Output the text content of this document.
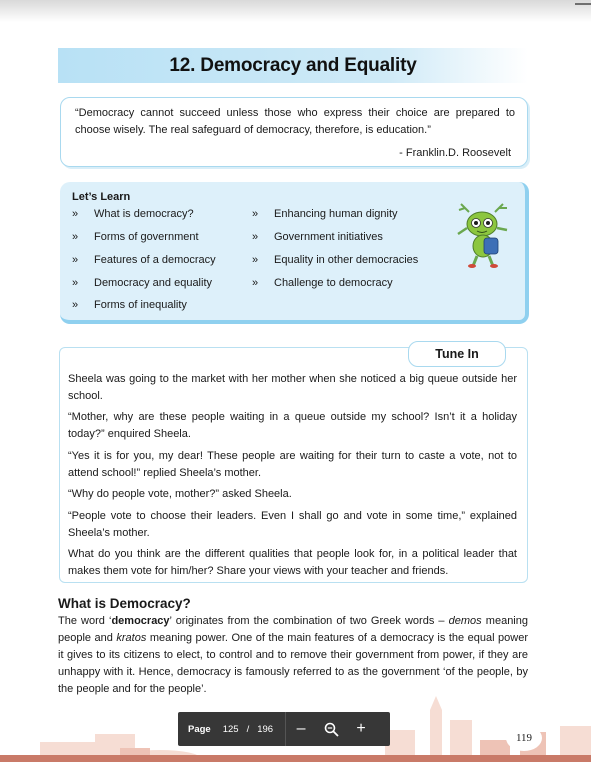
12. Democracy and Equality
“Democracy cannot succeed unless those who express their choice are prepared to choose wisely. The real safeguard of democracy, therefore, is education.”
- Franklin.D. Roosevelt
Let’s Learn
» What is democracy?
» Forms of government
» Features of a democracy
» Democracy and equality
» Forms of inequality
» Enhancing human dignity
» Government initiatives
» Equality in other democracies
» Challenge to democracy
Tune In
Sheela was going to the market with her mother when she noticed a big queue outside her school.
“Mother, why are these people waiting in a queue outside my school? Isn’t it a holiday today?” enquired Sheela.
“Yes it is for you, my dear! These people are waiting for their turn to caste a vote, not to attend school!” replied Sheela’s mother.
“Why do people vote, mother?” asked Sheela.
“People vote to choose their leaders. Even I shall go and vote in some time,” explained Sheela’s mother.
What do you think are the different qualities that people look for, in a political leader that makes them vote for him/her? Share your views with your teacher and friends.
What is Democracy?
The word ‘democracy’ originates from the combination of two Greek words – demos meaning people and kratos meaning power. One of the main features of a democracy is the equal power it gives to its citizens to elect, to control and to remove their government from power, if they are unhappy with it. Hence, democracy is famously referred to as the government ‘of the people, by the people and for the people’.
Page 125 / 196	–	+
119
